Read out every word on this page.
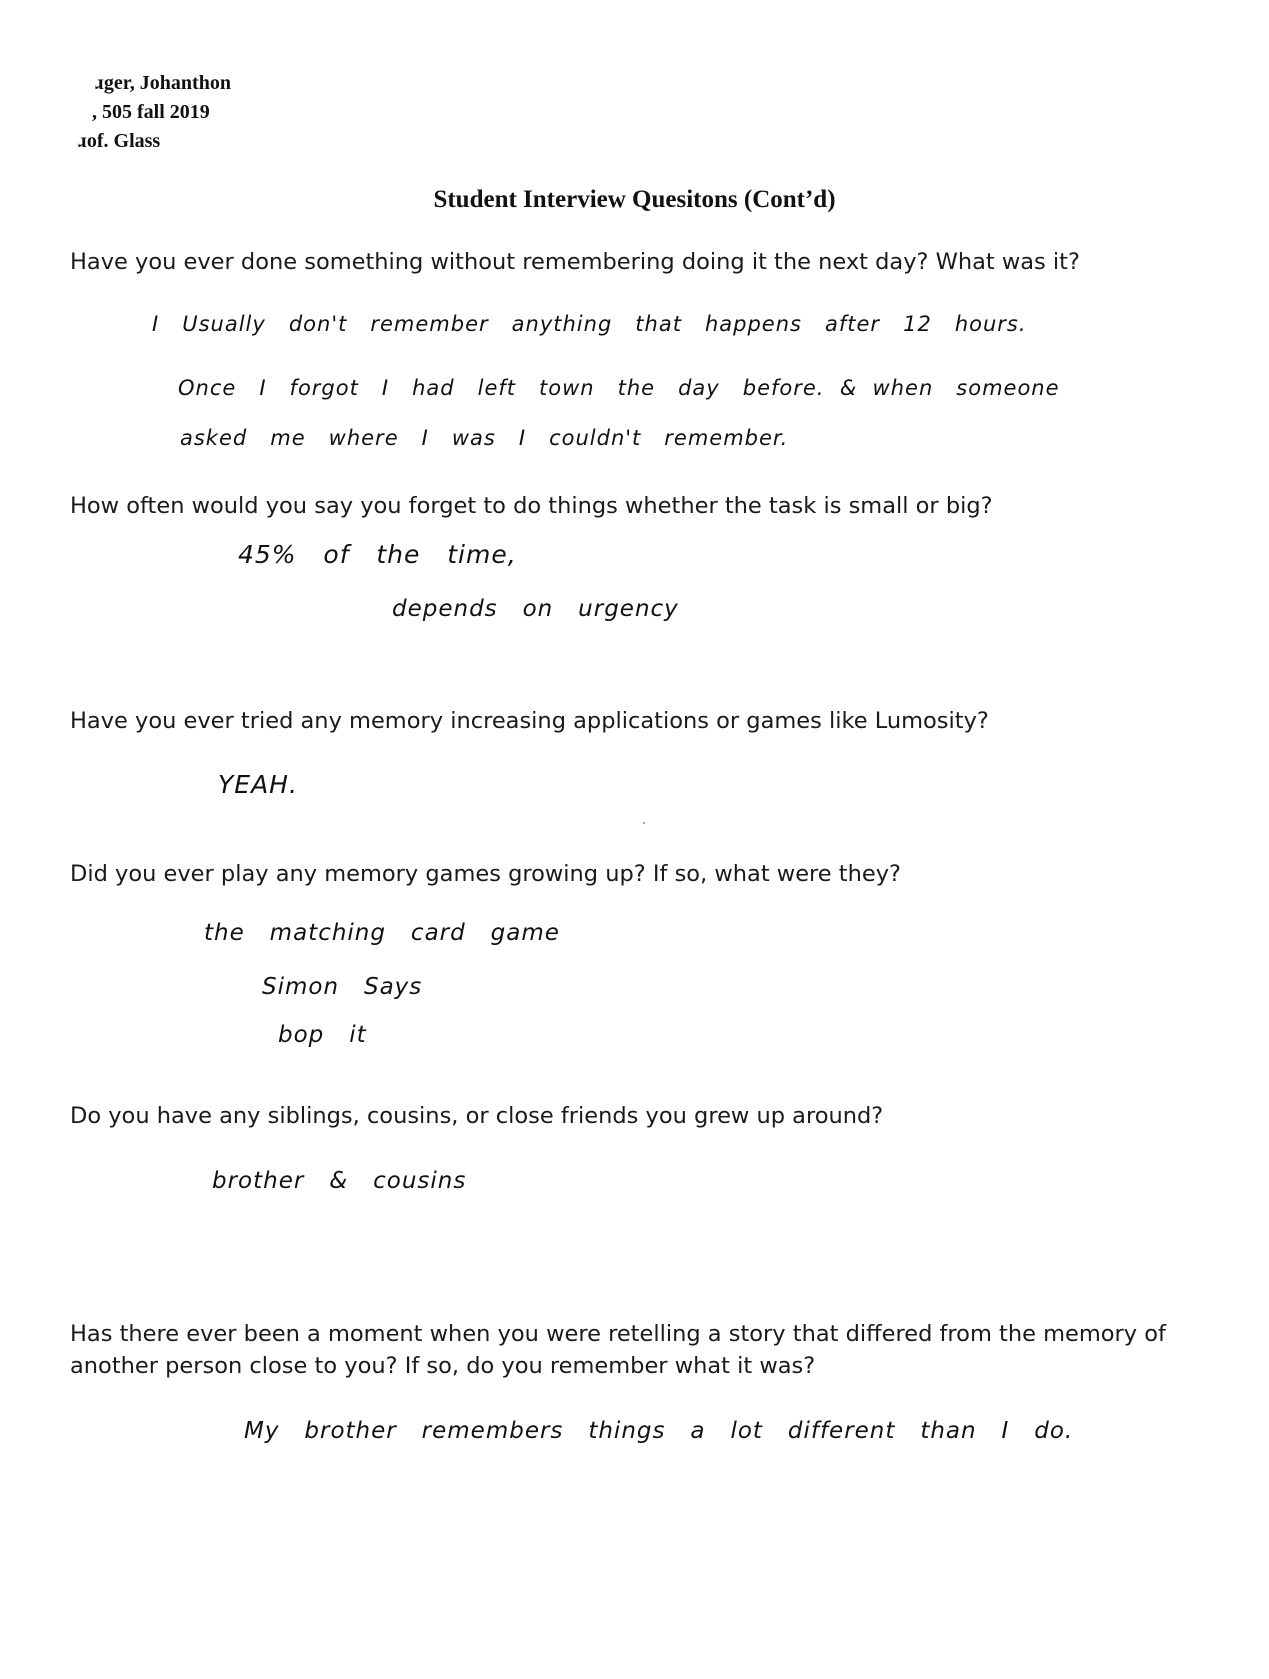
ɹger, Johanthon
, 505 fall 2019
ɹof. Glass
Student Interview Quesitons (Cont’d)
Have you ever done something without remembering doing it the next day? What was it?
I   Usually   don't   remember   anything   that   happens   after   12   hours.
Once   I   forgot   I   had   left   town   the   day   before.  &  when   someone
asked   me   where   I   was   I   couldn't   remember.
How often would you say you forget to do things whether the task is small or big?
45%   of   the   time,
depends   on   urgency
Have you ever tried any memory increasing applications or games like Lumosity?
YEAH.
Did you ever play any memory games growing up? If so, what were they?
the   matching   card   game
Simon   Says
bop   it
Do you have any siblings, cousins, or close friends you grew up around?
brother   &   cousins
Has there ever been a moment when you were retelling a story that differed from the memory of another person close to you? If so, do you remember what it was?
My   brother   remembers   things   a   lot   different   than   I   do.
